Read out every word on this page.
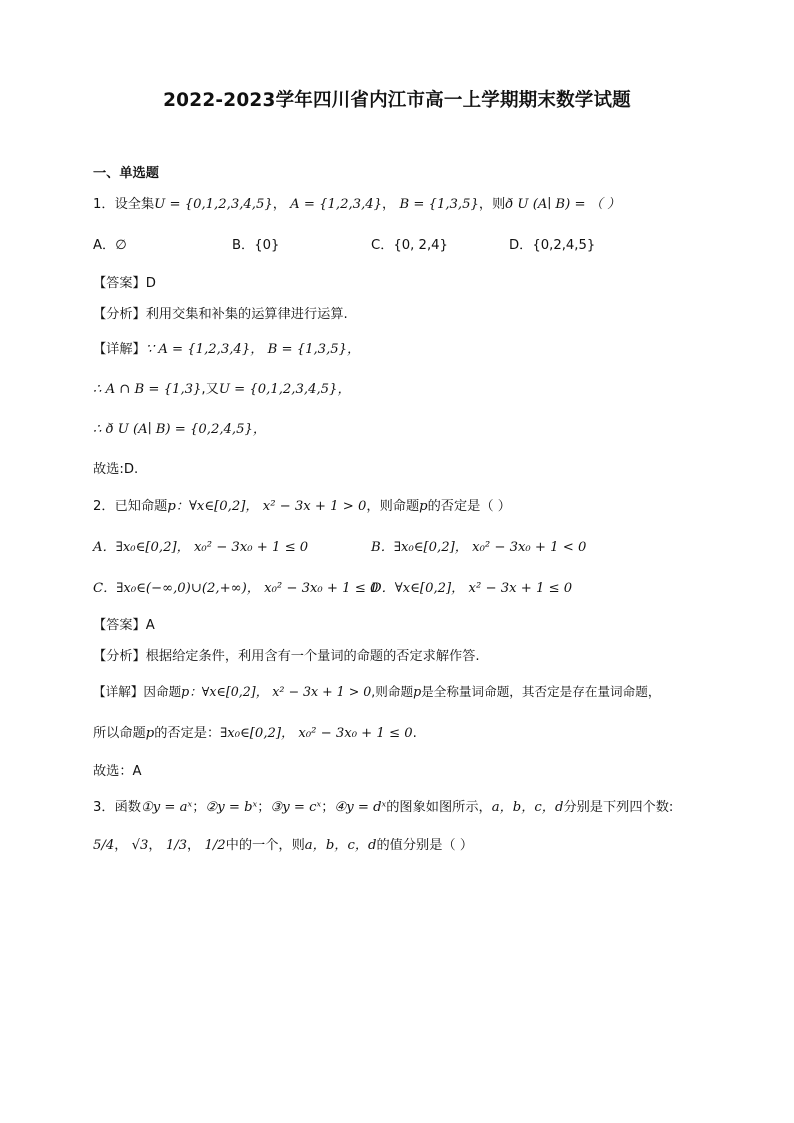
2022-2023学年四川省内江市高一上学期期末数学试题
一、单选题
1．设全集U = {0,1,2,3,4,5}， A = {1,2,3,4}， B = {1,3,5}，则ð U (A∣ B) = （ ）
A．∅	B．{0}	C．{0, 2,4}	D．{0,2,4,5}
【答案】D
【分析】利用交集和补集的运算律进行运算.
【详解】∵ A = {1,2,3,4}， B = {1,3,5}，
∴ A ∩ B = {1,3},又U = {0,1,2,3,4,5}，
∴ ð U (A∣ B) = {0,2,4,5}，
故选:D.
2．已知命题p：∀x∈[0,2]， x² − 3x + 1 > 0，则命题p的否定是（ ）
A．∃x₀∈[0,2]， x₀² − 3x₀ + 1 ≤ 0	B．∃x₀∈[0,2]， x₀² − 3x₀ + 1 < 0
C．∃x₀∈(−∞,0)∪(2,+∞)， x₀² − 3x₀ + 1 ≤ 0
D．∀x∈[0,2]， x² − 3x + 1 ≤ 0
【答案】A
【分析】根据给定条件，利用含有一个量词的命题的否定求解作答.
【详解】因命题p：∀x∈[0,2]， x² − 3x + 1 > 0,则命题p是全称量词命题，其否定是存在量词命题，
所以命题p的否定是：∃x₀∈[0,2]， x₀² − 3x₀ + 1 ≤ 0.
故选：A
3．函数①y = aˣ；②y = bˣ；③y = cˣ；④y = dˣ的图象如图所示，a，b，c，d分别是下列四个数:
5/4， √3， 1/3， 1/2中的一个，则a，b，c，d的值分别是（ ）
